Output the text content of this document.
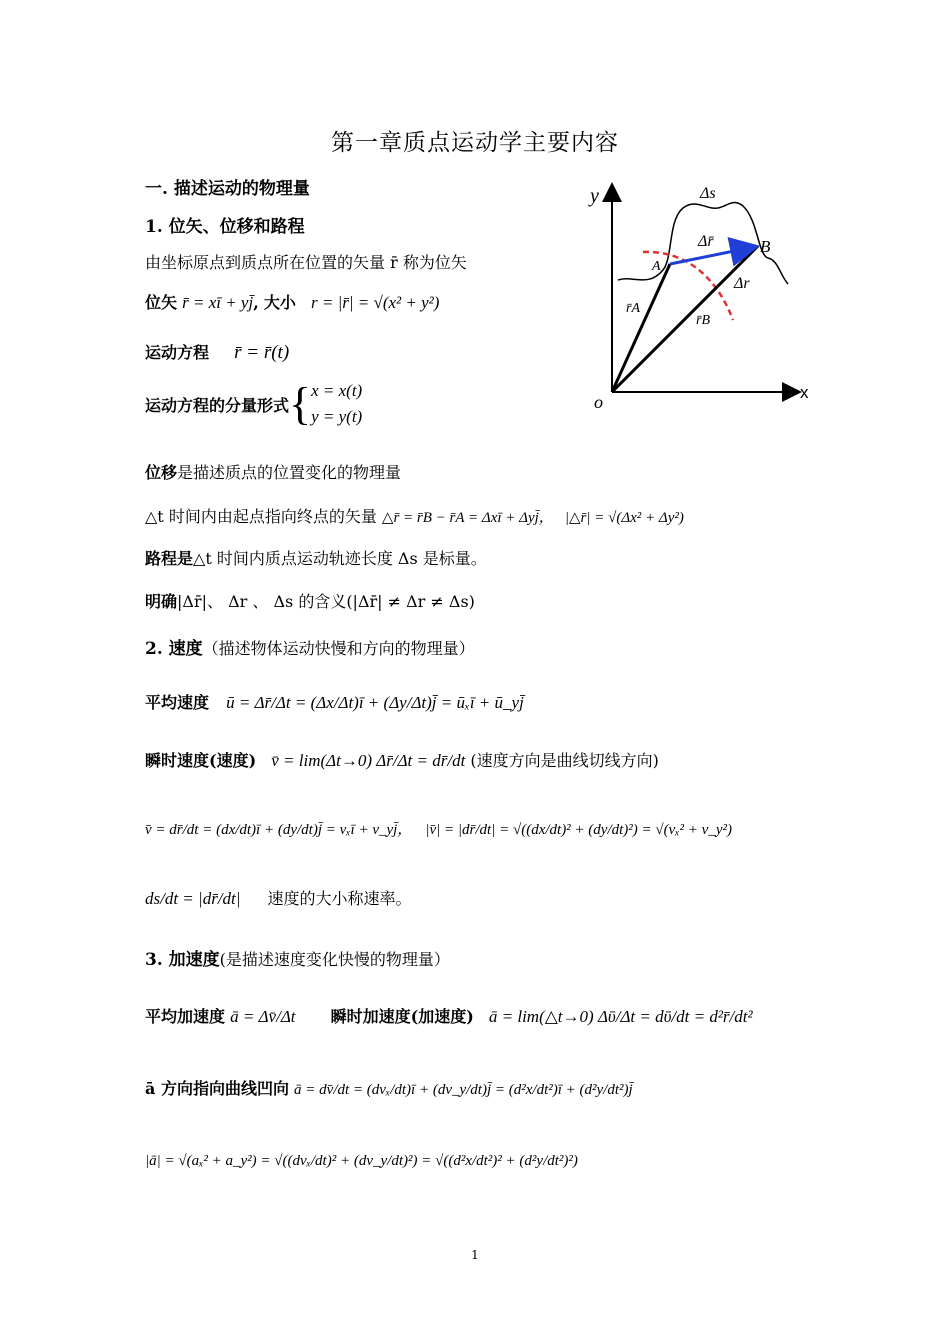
第一章质点运动学主要内容
一. 描述运动的物理量
1. 位矢、位移和路程
由坐标原点到质点所在位置的矢量 r̄ 称为位矢
位矢 r̄ = xī + yj̄, 大小 r = |r̄| = √(x² + y²)
运动方程 r̄ = r̄(t)
运动方程的分量形式 { x = x(t)
y = y(t)
位移是描述质点的位置变化的物理量
△t 时间内由起点指向终点的矢量 △r̄ = r̄B − r̄A = Δxī + Δyj̄， |△r̄| = √(Δx² + Δy²)
路程是△t 时间内质点运动轨迹长度 Δs 是标量。
明确|Δr̄|、 Δr 、 Δs 的含义(|Δr̄| ≠ Δr ≠ Δs)
2. 速度（描述物体运动快慢和方向的物理量）
平均速度 ū = Δr̄/Δt = (Δx/Δt)ī + (Δy/Δt)j̄ = ūₓī + ū_yj̄
瞬时速度(速度) v̄ = lim(Δt→0) Δr̄/Δt = dr̄/dt (速度方向是曲线切线方向)
v̄ = dr̄/dt = (dx/dt)ī + (dy/dt)j̄ = vₓī + v_yj̄， |v̄| = |dr̄/dt| = √((dx/dt)² + (dy/dt)²) = √(vₓ² + v_y²)
ds/dt = |dr̄/dt| 速度的大小称速率。
3. 加速度(是描述速度变化快慢的物理量）
平均加速度 ā = Δv̄/Δt 瞬时加速度(加速度) ā = lim(△t→0) Δῡ/Δt = dῡ/dt = d²r̄/dt²
ā 方向指向曲线凹向 ā = dv̄/dt = (dvₓ/dt)ī + (dv_y/dt)j̄ = (d²x/dt²)ī + (d²y/dt²)j̄
|ā| = √(aₓ² + a_y²) = √((dvₓ/dt)² + (dv_y/dt)²) = √((d²x/dt²)² + (d²y/dt²)²)
y
x
o
Δs
Δr̄
Δr
A
B
r̄A
r̄B
1
